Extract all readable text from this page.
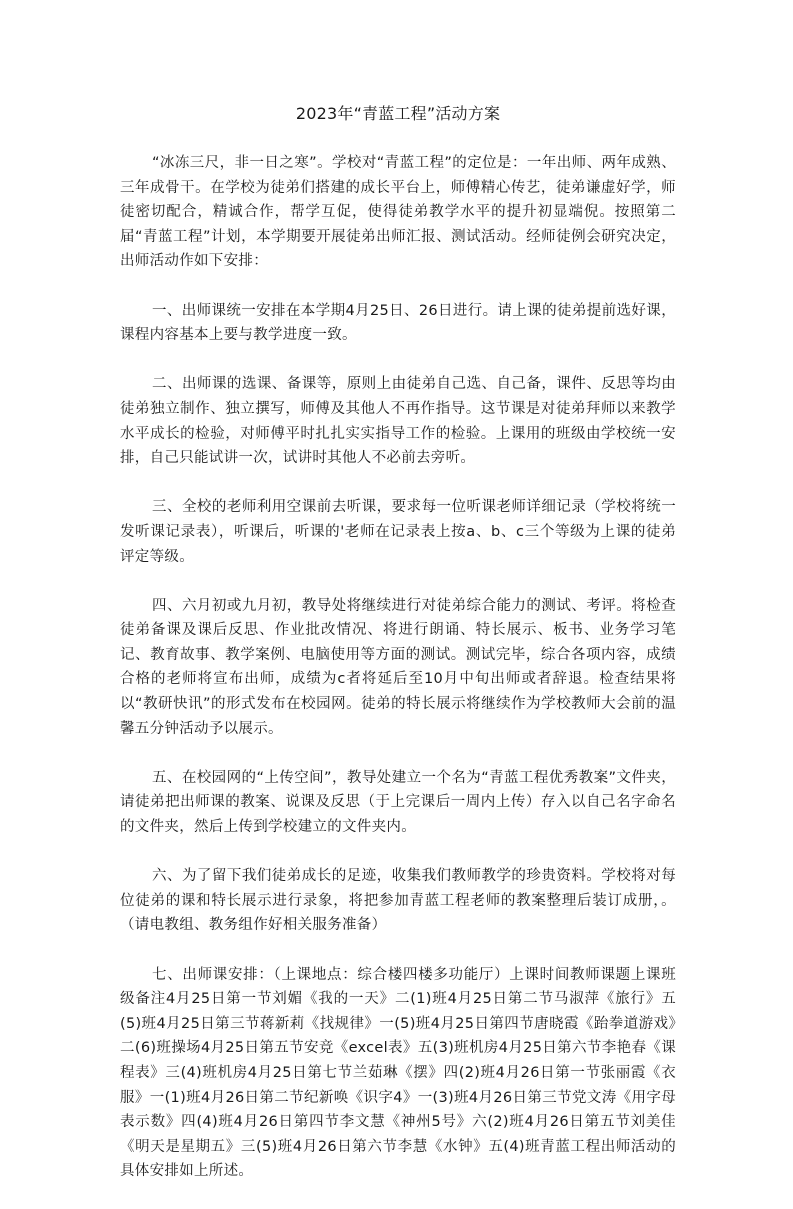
2023年“青蓝工程”活动方案

“冰冻三尺，非一日之寒”。学校对“青蓝工程”的定位是：一年出师、两年成熟、三年成骨干。在学校为徒弟们搭建的成长平台上，师傅精心传艺，徒弟谦虚好学，师徒密切配合，精诚合作，帮学互促，使得徒弟教学水平的提升初显端倪。按照第二届“青蓝工程”计划，本学期要开展徒弟出师汇报、测试活动。经师徒例会研究决定，出师活动作如下安排：

一、出师课统一安排在本学期4月25日、26日进行。请上课的徒弟提前选好课，课程内容基本上要与教学进度一致。

二、出师课的选课、备课等，原则上由徒弟自己选、自己备，课件、反思等均由徒弟独立制作、独立撰写，师傅及其他人不再作指导。这节课是对徒弟拜师以来教学水平成长的检验，对师傅平时扎扎实实指导工作的检验。上课用的班级由学校统一安排，自己只能试讲一次，试讲时其他人不必前去旁听。

三、全校的老师利用空课前去听课，要求每一位听课老师详细记录（学校将统一发听课记录表），听课后，听课的'老师在记录表上按a、b、c三个等级为上课的徒弟评定等级。

四、六月初或九月初，教导处将继续进行对徒弟综合能力的测试、考评。将检查徒弟备课及课后反思、作业批改情况、将进行朗诵、特长展示、板书、业务学习笔记、教育故事、教学案例、电脑使用等方面的测试。测试完毕，综合各项内容，成绩合格的老师将宣布出师，成绩为c者将延后至10月中旬出师或者辞退。检查结果将以“教研快讯”的形式发布在校园网。徒弟的特长展示将继续作为学校教师大会前的温馨五分钟活动予以展示。

五、在校园网的“上传空间”，教导处建立一个名为“青蓝工程优秀教案”文件夹，请徒弟把出师课的教案、说课及反思（于上完课后一周内上传）存入以自己名字命名的文件夹，然后上传到学校建立的文件夹内。

六、为了留下我们徒弟成长的足迹，收集我们教师教学的珍贵资料。学校将对每位徒弟的课和特长展示进行录象，将把参加青蓝工程老师的教案整理后装订成册，。（请电教组、教务组作好相关服务准备）

七、出师课安排：（上课地点：综合楼四楼多功能厅）上课时间教师课题上课班级备注4月25日第一节刘媚《我的一天》二(1)班4月25日第二节马淑萍《旅行》五(5)班4月25日第三节蒋新莉《找规律》一(5)班4月25日第四节唐晓霞《跆拳道游戏》二(6)班操场4月25日第五节安竞《excel表》五(3)班机房4月25日第六节李艳春《课程表》三(4)班机房4月25日第七节兰茹琳《摆》四(2)班4月26日第一节张丽霞《衣服》一(1)班4月26日第二节纪新唤《识字4》一(3)班4月26日第三节党文涛《用字母表示数》四(4)班4月26日第四节李文慧《神州5号》六(2)班4月26日第五节刘美佳《明天是星期五》三(5)班4月26日第六节李慧《水钟》五(4)班青蓝工程出师活动的具体安排如上所述。
